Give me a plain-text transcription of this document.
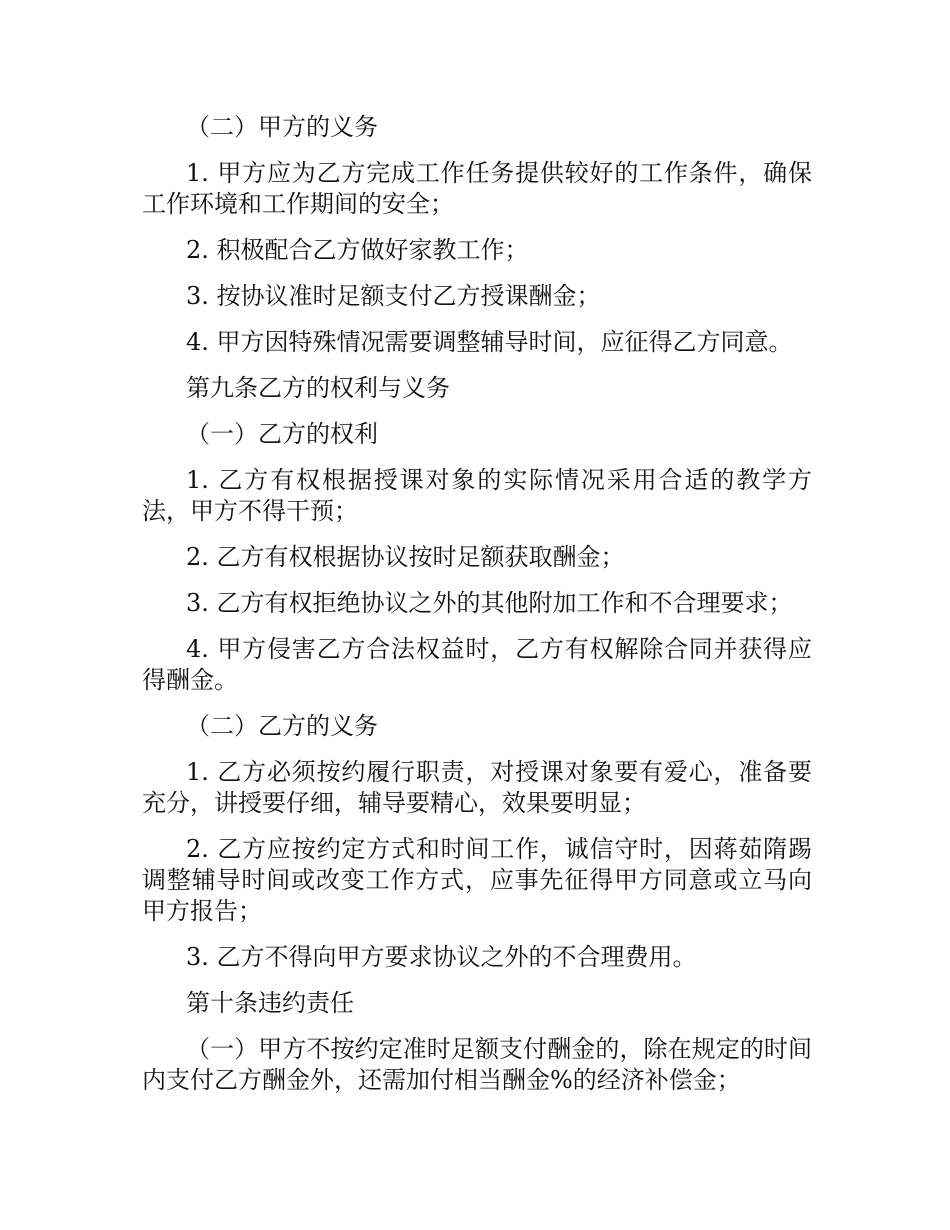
（二）甲方的义务

1. 甲方应为乙方完成工作任务提供较好的工作条件，确保工作环境和工作期间的安全；

2. 积极配合乙方做好家教工作；

3. 按协议准时足额支付乙方授课酬金；

4. 甲方因特殊情况需要调整辅导时间，应征得乙方同意。

第九条乙方的权利与义务

（一）乙方的权利

1. 乙方有权根据授课对象的实际情况采用合适的教学方法，甲方不得干预；

2. 乙方有权根据协议按时足额获取酬金；

3. 乙方有权拒绝协议之外的其他附加工作和不合理要求；

4. 甲方侵害乙方合法权益时，乙方有权解除合同并获得应得酬金。

（二）乙方的义务

1. 乙方必须按约履行职责，对授课对象要有爱心，准备要充分，讲授要仔细，辅导要精心，效果要明显；

2. 乙方应按约定方式和时间工作，诚信守时，因蒋茹隋踢调整辅导时间或改变工作方式，应事先征得甲方同意或立马向甲方报告；

3. 乙方不得向甲方要求协议之外的不合理费用。

第十条违约责任

（一）甲方不按约定准时足额支付酬金的，除在规定的时间内支付乙方酬金外，还需加付相当酬金%的经济补偿金；
